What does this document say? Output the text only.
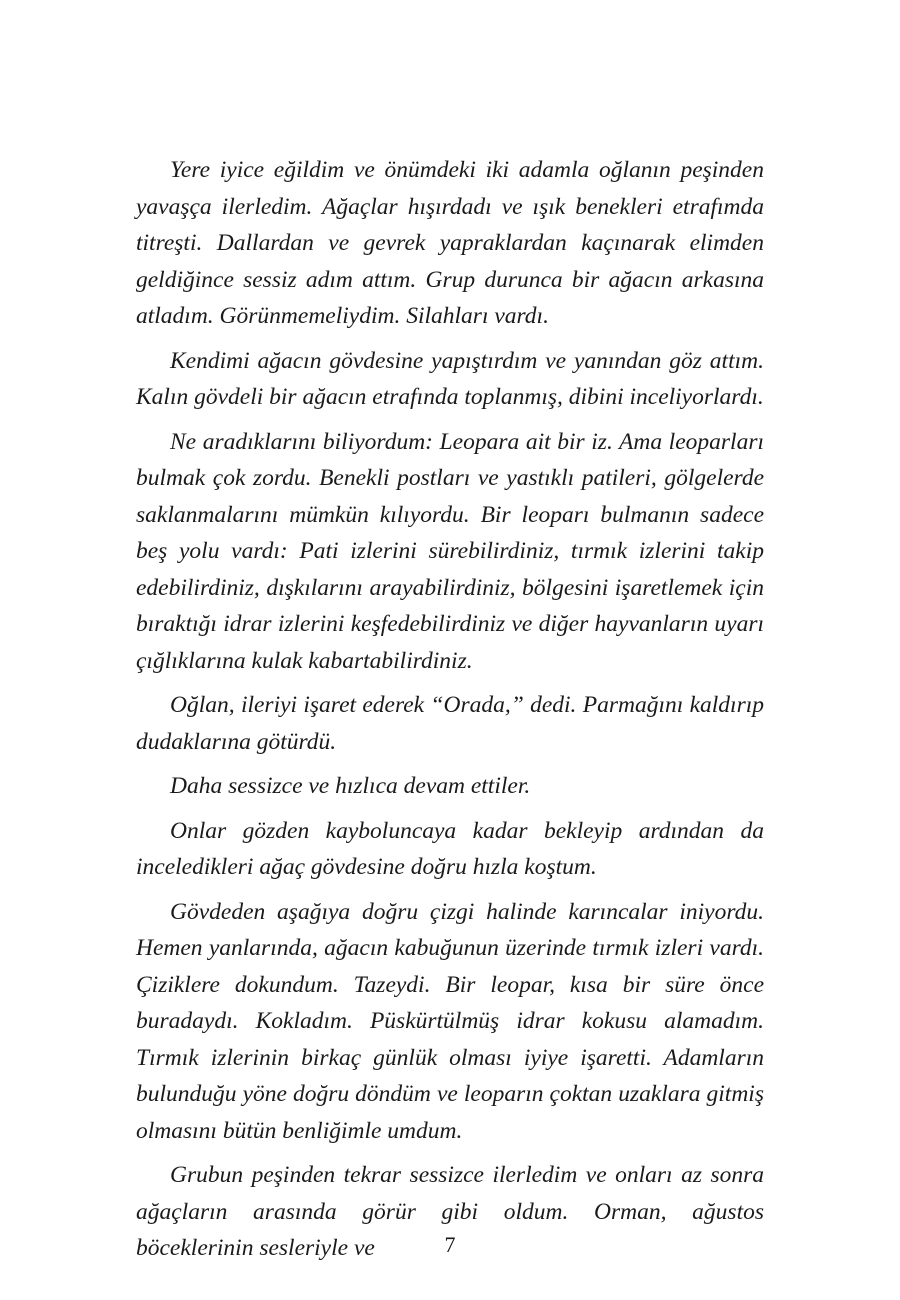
Yere iyice eğildim ve önümdeki iki adamla oğlanın peşinden yavaşça ilerledim. Ağaçlar hışırdadı ve ışık benekleri etrafımda titreşti. Dallardan ve gevrek yapraklardan kaçınarak elimden geldiğince sessiz adım attım. Grup durunca bir ağacın arkasına atladım. Görünmemeliydim. Silahları vardı.

Kendimi ağacın gövdesine yapıştırdım ve yanından göz attım. Kalın gövdeli bir ağacın etrafında toplanmış, dibini inceliyorlardı.

Ne aradıklarını biliyordum: Leopara ait bir iz. Ama leoparları bulmak çok zordu. Benekli postları ve yastıklı patileri, gölgelerde saklanmalarını mümkün kılıyordu. Bir leoparı bulmanın sadece beş yolu vardı: Pati izlerini sürebilirdiniz, tırmık izlerini takip edebilirdiniz, dışkılarını arayabilirdiniz, bölgesini işaretlemek için bıraktığı idrar izlerini keşfedebilirdiniz ve diğer hayvanların uyarı çığlıklarına kulak kabartabilirdiniz.

Oğlan, ileriyi işaret ederek “Orada,” dedi. Parmağını kaldırıp dudaklarına götürdü.

Daha sessizce ve hızlıca devam ettiler.

Onlar gözden kayboluncaya kadar bekleyip ardından da inceledikleri ağaç gövdesine doğru hızla koştum.

Gövdeden aşağıya doğru çizgi halinde karıncalar iniyordu. Hemen yanlarında, ağacın kabuğunun üzerinde tırmık izleri vardı. Çiziklere dokundum. Tazeydi. Bir leopar, kısa bir süre önce buradaydı. Kokladım. Püskürtülmüş idrar kokusu alamadım. Tırmık izlerinin birkaç günlük olması iyiye işaretti. Adamların bulunduğu yöne doğru döndüm ve leoparın çoktan uzaklara gitmiş olmasını bütün benliğimle umdum.

Grubun peşinden tekrar sessizce ilerledim ve onları az sonra ağaçların arasında görür gibi oldum. Orman, ağustos böceklerinin sesleriyle ve	7
